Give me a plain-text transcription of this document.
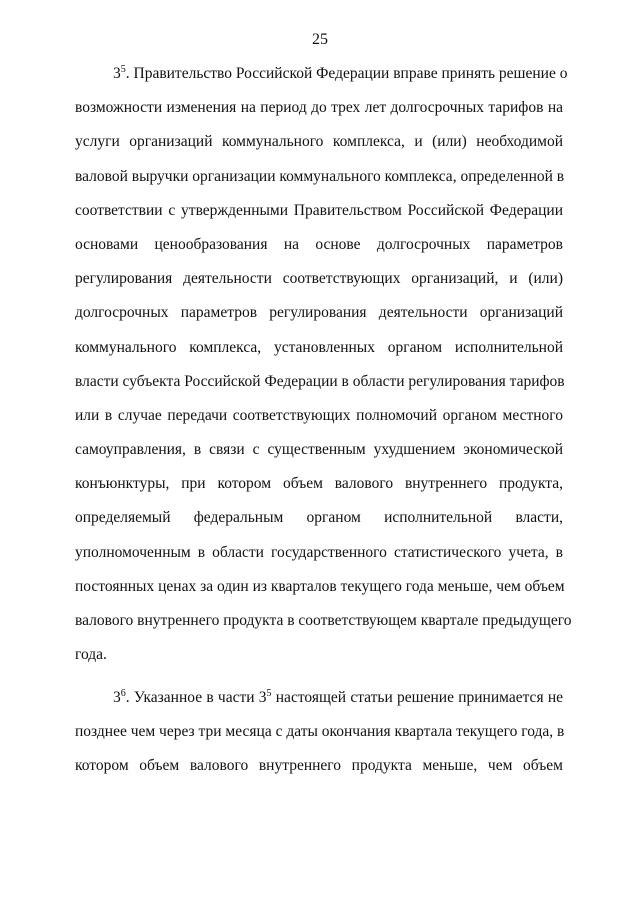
25
$3^5$. Правительство Российской Федерации вправе принять решение о
возможности изменения на период до трех лет долгосрочных тарифов на
услуги организаций коммунального комплекса, и (или) необходимой
валовой выручки организации коммунального комплекса, определенной в
соответствии с утвержденными Правительством Российской Федерации
основами ценообразования на основе долгосрочных параметров
регулирования деятельности соответствующих организаций, и (или)
долгосрочных параметров регулирования деятельности организаций
коммунального комплекса, установленных органом исполнительной
власти субъекта Российской Федерации в области регулирования тарифов
или в случае передачи соответствующих полномочий органом местного
самоуправления, в связи с существенным ухудшением экономической
конъюнктуры, при котором объем валового внутреннего продукта,
определяемый федеральным органом исполнительной власти,
уполномоченным в области государственного статистического учета, в
постоянных ценах за один из кварталов текущего года меньше, чем объем
валового внутреннего продукта в соответствующем квартале предыдущего
года.
$3^6$. Указанное в части $3^5$ настоящей статьи решение принимается не
позднее чем через три месяца с даты окончания квартала текущего года, в
котором объем валового внутреннего продукта меньше, чем объем
